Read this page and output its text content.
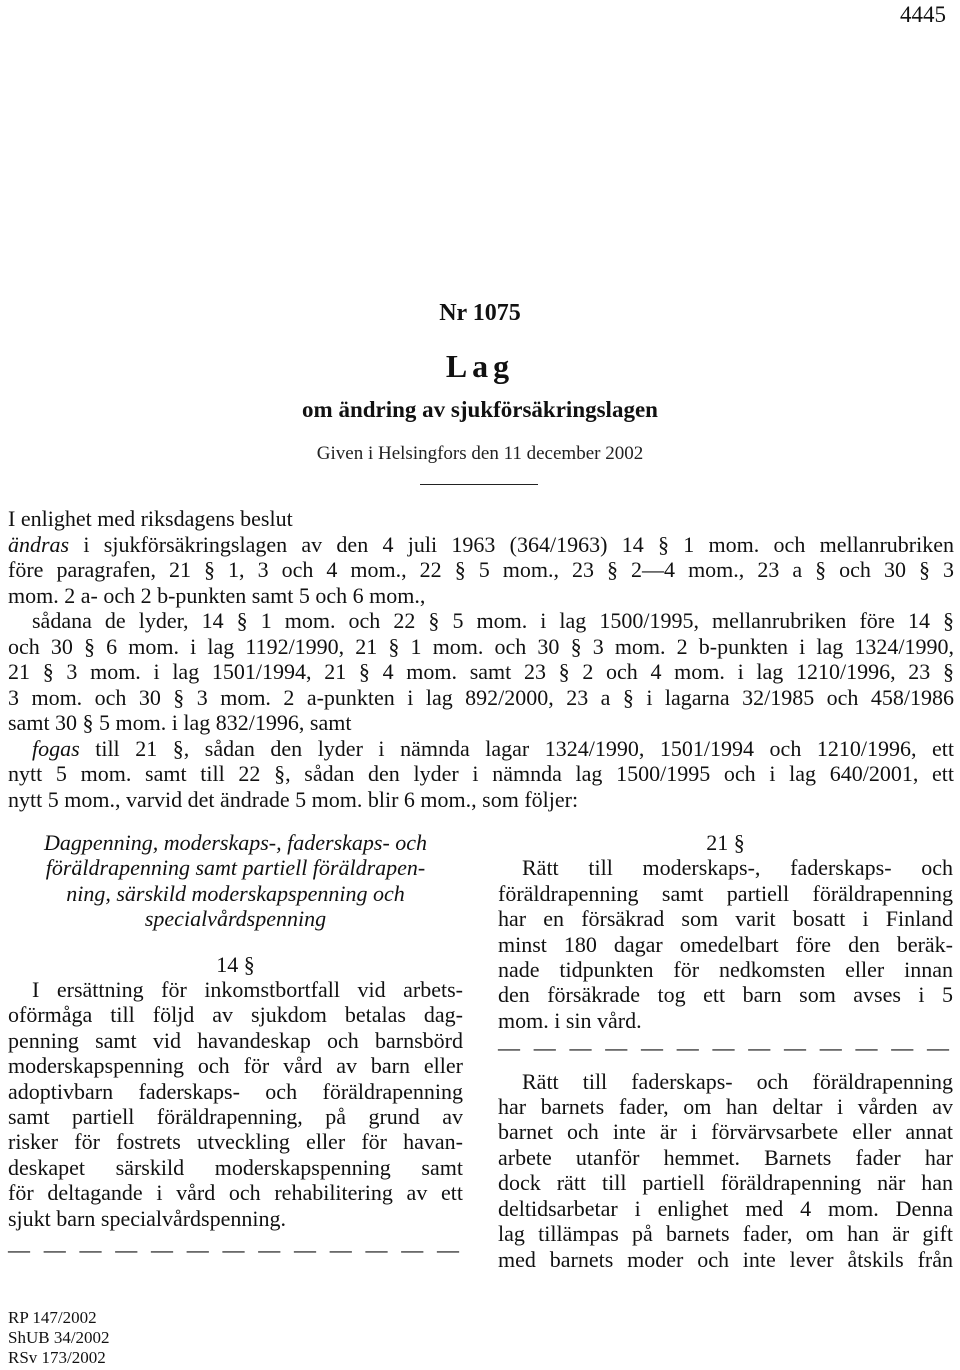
4445
Nr 1075
Lag
om ändring av sjukförsäkringslagen
Given i Helsingfors den 11 december 2002
I enlighet med riksdagens beslut
ändras i sjukförsäkringslagen av den 4 juli 1963 (364/1963) 14 § 1 mom. och mellanrubriken
före paragrafen, 21 § 1, 3 och 4 mom., 22 § 5 mom., 23 § 2—4 mom., 23 a § och 30 § 3
mom. 2 a- och 2 b-punkten samt 5 och 6 mom.,
sådana de lyder, 14 § 1 mom. och 22 § 5 mom. i lag 1500/1995, mellanrubriken före 14 §
och 30 § 6 mom. i lag 1192/1990, 21 § 1 mom. och 30 § 3 mom. 2 b-punkten i lag 1324/1990,
21 § 3 mom. i lag 1501/1994, 21 § 4 mom. samt 23 § 2 och 4 mom. i lag 1210/1996, 23 §
3 mom. och 30 § 3 mom. 2 a-punkten i lag 892/2000, 23 a § i lagarna 32/1985 och 458/1986
samt 30 § 5 mom. i lag 832/1996, samt
fogas till 21 §, sådan den lyder i nämnda lagar 1324/1990, 1501/1994 och 1210/1996, ett
nytt 5 mom. samt till 22 §, sådan den lyder i nämnda lag 1500/1995 och i lag 640/2001, ett
nytt 5 mom., varvid det ändrade 5 mom. blir 6 mom., som följer:
Dagpenning, moderskaps-, faderskaps- och
föräldrapenning samt partiell föräldrapen-
ning, särskild moderskapspenning och
specialvårdspenning
14 §
I ersättning för inkomstbortfall vid arbets-
oförmåga till följd av sjukdom betalas dag-
penning samt vid havandeskap och barnsbörd
moderskapspenning och för vård av barn eller
adoptivbarn faderskaps- och föräldrapenning
samt partiell föräldrapenning, på grund av
risker för fostrets utveckling eller för havan-
deskapet särskild moderskapspenning samt
för deltagande i vård och rehabilitering av ett
sjukt barn specialvårdspenning.
— — — — — — — — — — — — —
21 §
Rätt till moderskaps-, faderskaps- och
föräldrapenning samt partiell föräldrapenning
har en försäkrad som varit bosatt i Finland
minst 180 dagar omedelbart före den beräk-
nade tidpunkten för nedkomsten eller innan
den försäkrade tog ett barn som avses i 5
mom. i sin vård.
— — — — — — — — — — — — —
Rätt till faderskaps- och föräldrapenning
har barnets fader, om han deltar i vården av
barnet och inte är i förvärvsarbete eller annat
arbete utanför hemmet. Barnets fader har
dock rätt till partiell föräldrapenning när han
deltidsarbetar i enlighet med 4 mom. Denna
lag tillämpas på barnets fader, om han är gift
med barnets moder och inte lever åtskils från
RP 147/2002
ShUB 34/2002
RSv 173/2002
